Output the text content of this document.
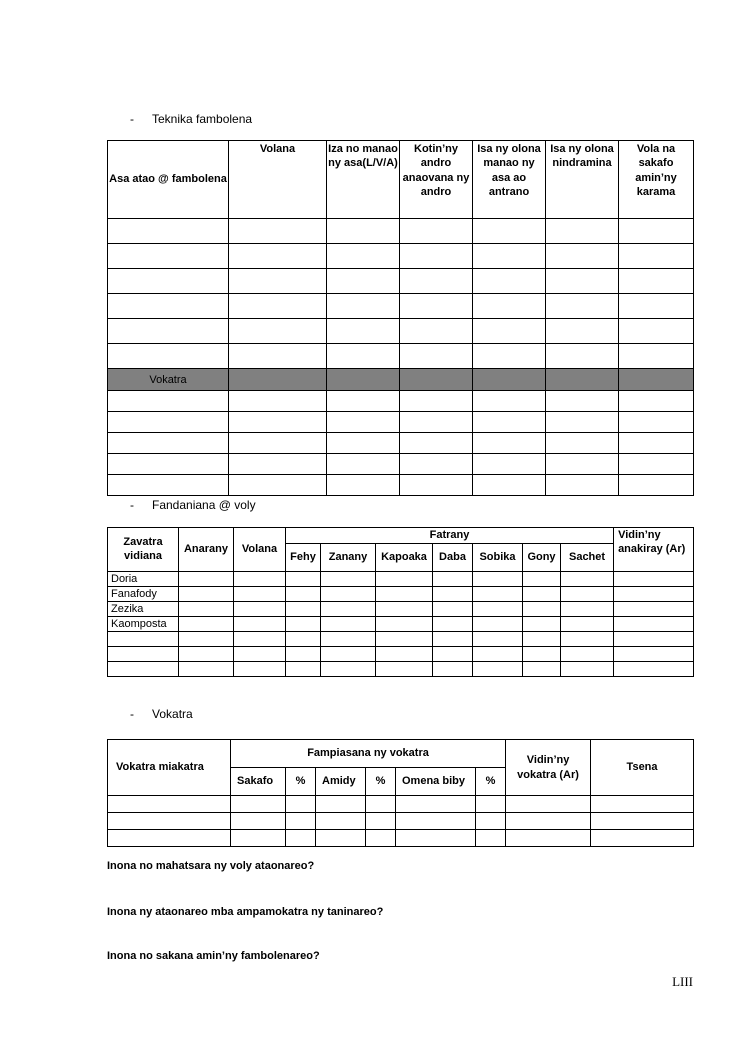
-	Teknika fambolena
Asa atao @ fambolena	Volana	Iza no manao ny asa(L/V/A)	Kotin’ny andro anaovana ny andro	Isa ny olona manao ny asa ao antrano	Isa ny olona nindramina	Vola na sakafo amin’ny karama

Vokatra						

-	Fandaniana @ voly
Zavatra vidiana	Anarany	Volana	Fatrany							Vidin’ny anakiray (Ar)
			Fehy	Zanany	Kapoaka	Daba	Sobika	Gony	Sachet	
Doria										
Fanafody										
Zezika										
Kaomposta										

-	Vokatra
Vokatra miakatra	Fampiasana ny vokatra						Vidin’ny vokatra (Ar)	Tsena
	Sakafo	%	Amidy	%	Omena biby	%		

Inona no mahatsara ny voly ataonareo?
Inona ny ataonareo mba ampamokatra ny taninareo?
Inona no sakana amin’ny fambolenareo?
LIII
